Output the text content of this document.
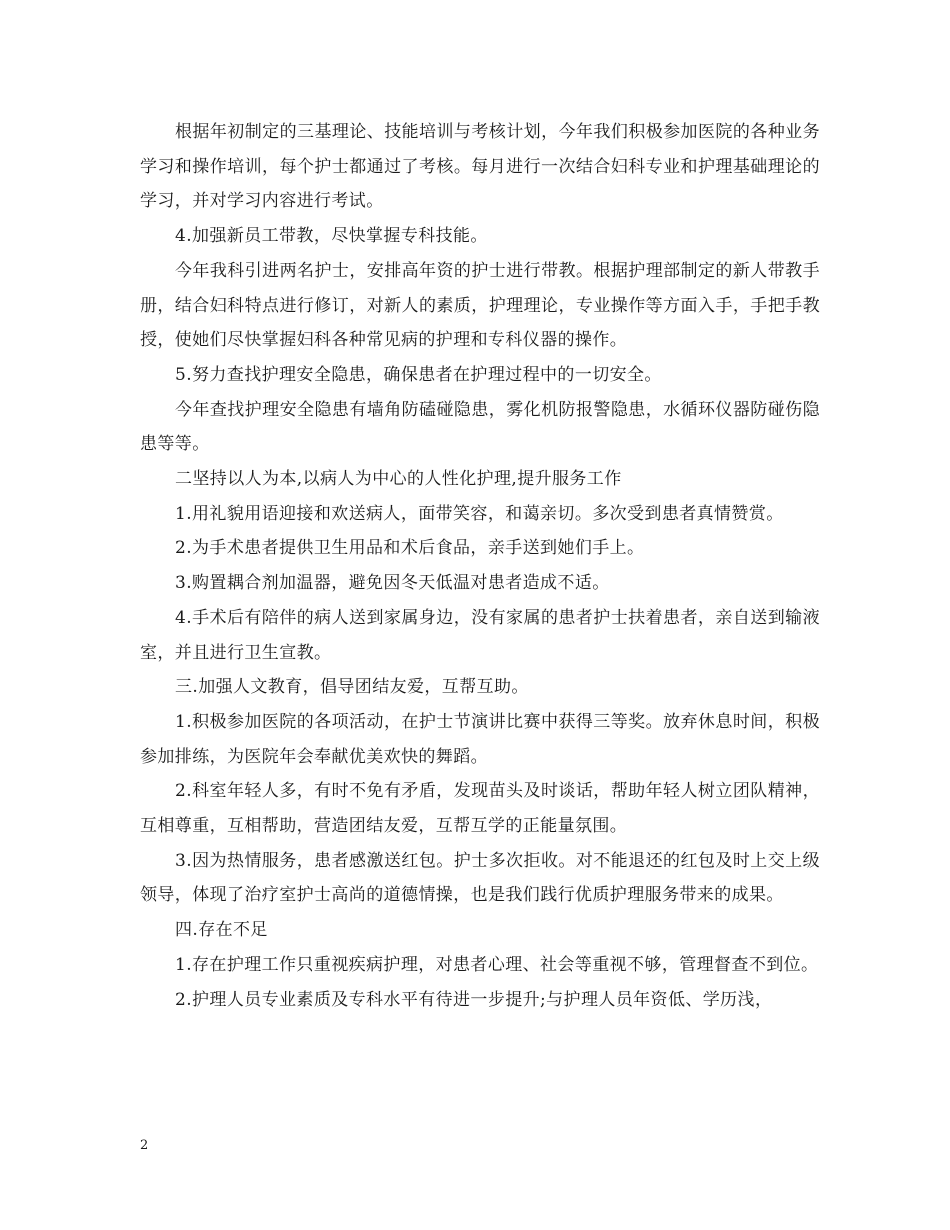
根据年初制定的三基理论、技能培训与考核计划，今年我们积极参加医院的各种业务学习和操作培训，每个护士都通过了考核。每月进行一次结合妇科专业和护理基础理论的学习，并对学习内容进行考试。

4.加强新员工带教，尽快掌握专科技能。

今年我科引进两名护士，安排高年资的护士进行带教。根据护理部制定的新人带教手册，结合妇科特点进行修订，对新人的素质，护理理论，专业操作等方面入手，手把手教授，使她们尽快掌握妇科各种常见病的护理和专科仪器的操作。

5.努力查找护理安全隐患，确保患者在护理过程中的一切安全。

今年查找护理安全隐患有墙角防磕碰隐患，雾化机防报警隐患，水循环仪器防碰伤隐患等等。

二坚持以人为本,以病人为中心的人性化护理,提升服务工作

1.用礼貌用语迎接和欢送病人，面带笑容，和蔼亲切。多次受到患者真情赞赏。

2.为手术患者提供卫生用品和术后食品，亲手送到她们手上。

3.购置耦合剂加温器，避免因冬天低温对患者造成不适。

4.手术后有陪伴的病人送到家属身边，没有家属的患者护士扶着患者，亲自送到输液室，并且进行卫生宣教。

三.加强人文教育，倡导团结友爱，互帮互助。

1.积极参加医院的各项活动，在护士节演讲比赛中获得三等奖。放弃休息时间，积极参加排练，为医院年会奉献优美欢快的舞蹈。

2.科室年轻人多，有时不免有矛盾，发现苗头及时谈话，帮助年轻人树立团队精神，互相尊重，互相帮助，营造团结友爱，互帮互学的正能量氛围。

3.因为热情服务，患者感激送红包。护士多次拒收。对不能退还的红包及时上交上级领导，体现了治疗室护士高尚的道德情操，也是我们践行优质护理服务带来的成果。

四.存在不足

1.存在护理工作只重视疾病护理，对患者心理、社会等重视不够，管理督查不到位。

2.护理人员专业素质及专科水平有待进一步提升;与护理人员年资低、学历浅，

2
